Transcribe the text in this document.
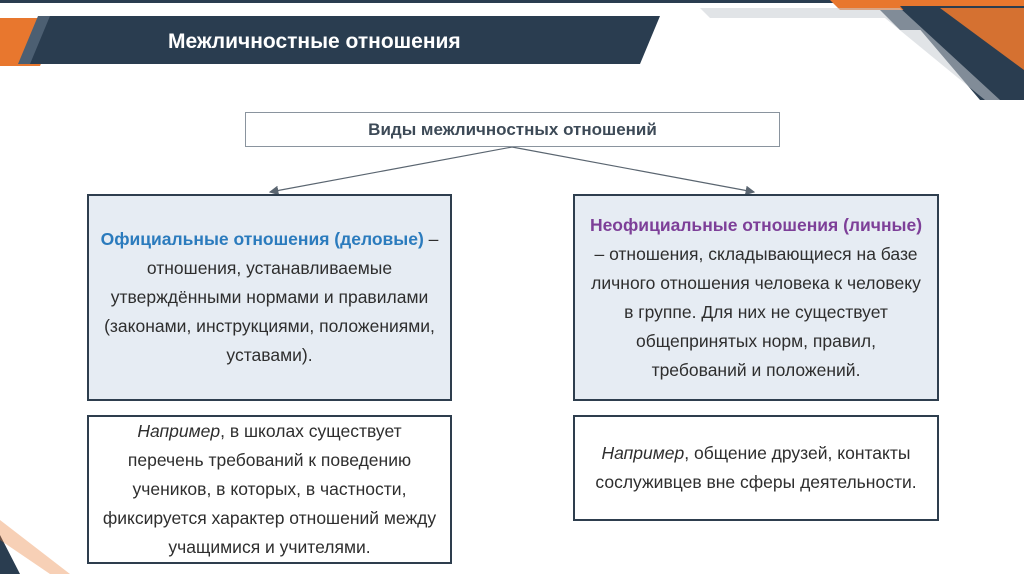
Межличностные отношения
Виды межличностных отношений
Официальные отношения (деловые) – отношения, устанавливаемые утверждёнными нормами и правилами (законами, инструкциями, положениями, уставами).
Неофициальные отношения (личные) – отношения, складывающиеся на базе личного отношения человека к человеку в группе. Для них не существует общепринятых норм, правил, требований и положений.
Например, в школах существует перечень требований к поведению учеников, в которых, в частности, фиксируется характер отношений между учащимися и учителями.
Например, общение друзей, контакты сослуживцев вне сферы деятельности.
